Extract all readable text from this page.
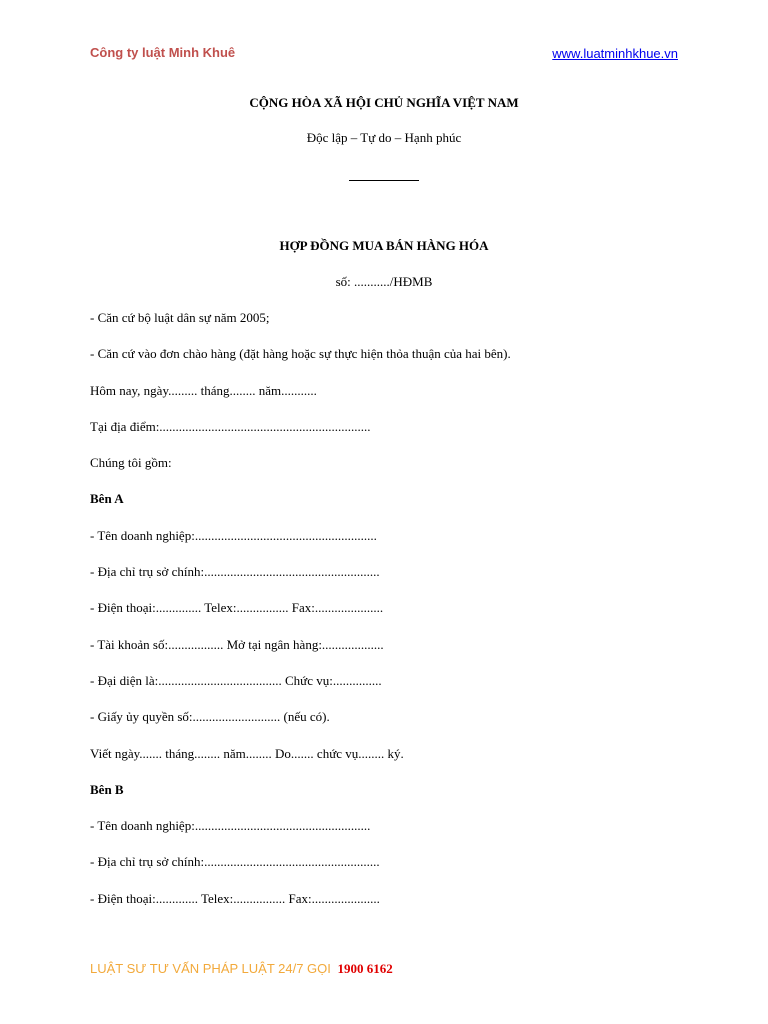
Công ty luật Minh Khuê	www.luatminhkhue.vn
CỘNG HÒA XÃ HỘI CHỦ NGHĨA VIỆT NAM
Độc lập – Tự do – Hạnh phúc
HỢP ĐỒNG MUA BÁN HÀNG HÓA
số: .........../HĐMB
- Căn cứ bộ luật dân sự năm 2005;
- Căn cứ vào đơn chào hàng (đặt hàng hoặc sự thực hiện thỏa thuận của hai bên).
Hôm nay, ngày......... tháng........ năm...........
Tại địa điểm:.................................................................
Chúng tôi gồm:
Bên A
- Tên doanh nghiệp:........................................................
- Địa chỉ trụ sở chính:......................................................
- Điện thoại:.............. Telex:................ Fax:.....................
- Tài khoản số:................. Mở tại ngân hàng:...................
- Đại diện là:...................................... Chức vụ:...............
- Giấy ủy quyền số:........................... (nếu có).
Viết ngày....... tháng........ năm........ Do....... chức vụ........ ký.
Bên B
- Tên doanh nghiệp:......................................................
- Địa chỉ trụ sở chính:......................................................
- Điện thoại:............. Telex:................ Fax:.....................
LUẬT SƯ TƯ VẤN PHÁP LUẬT 24/7 GỌI 1900 6162
